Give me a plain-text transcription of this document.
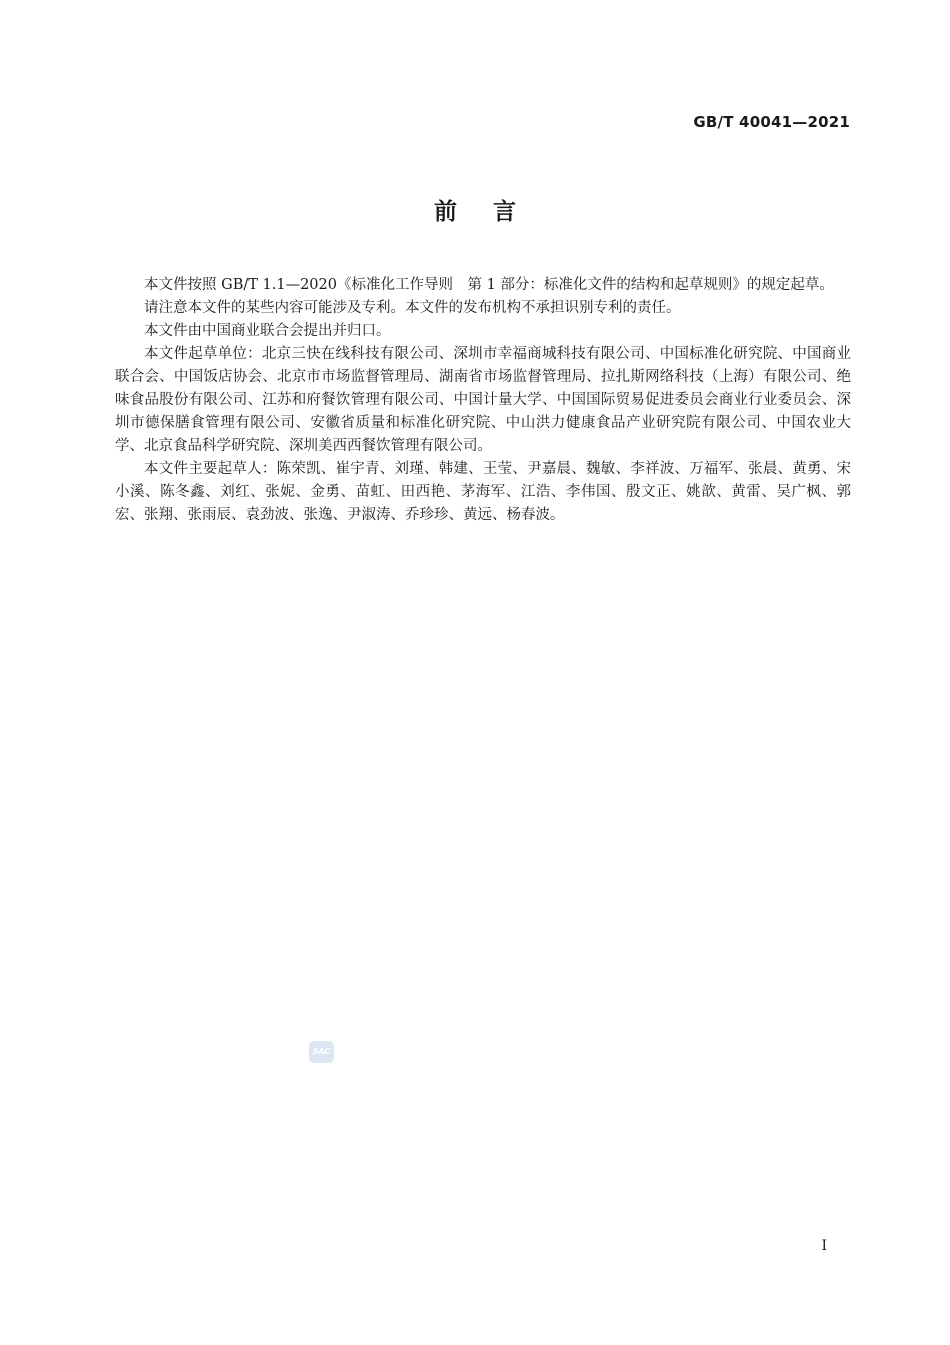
GB/T 40041—2021
前言

本文件按照 GB/T 1.1—2020《标准化工作导则　第 1 部分：标准化文件的结构和起草规则》的规定起草。

请注意本文件的某些内容可能涉及专利。本文件的发布机构不承担识别专利的责任。

本文件由中国商业联合会提出并归口。

本文件起草单位：北京三快在线科技有限公司、深圳市幸福商城科技有限公司、中国标准化研究院、中国商业联合会、中国饭店协会、北京市市场监督管理局、湖南省市场监督管理局、拉扎斯网络科技（上海）有限公司、绝味食品股份有限公司、江苏和府餐饮管理有限公司、中国计量大学、中国国际贸易促进委员会商业行业委员会、深圳市德保膳食管理有限公司、安徽省质量和标准化研究院、中山洪力健康食品产业研究院有限公司、中国农业大学、北京食品科学研究院、深圳美西西餐饮管理有限公司。

本文件主要起草人：陈荣凯、崔宇青、刘瑾、韩建、王莹、尹嘉晨、魏敏、李祥波、万福军、张晨、黄勇、宋小溪、陈冬鑫、刘红、张妮、金勇、苗虹、田西艳、茅海军、江浩、李伟国、殷文正、姚歆、黄雷、吴广枫、郭宏、张翔、张雨辰、袁劲波、张逸、尹淑涛、乔珍珍、黄远、杨春波。

SAC
I
